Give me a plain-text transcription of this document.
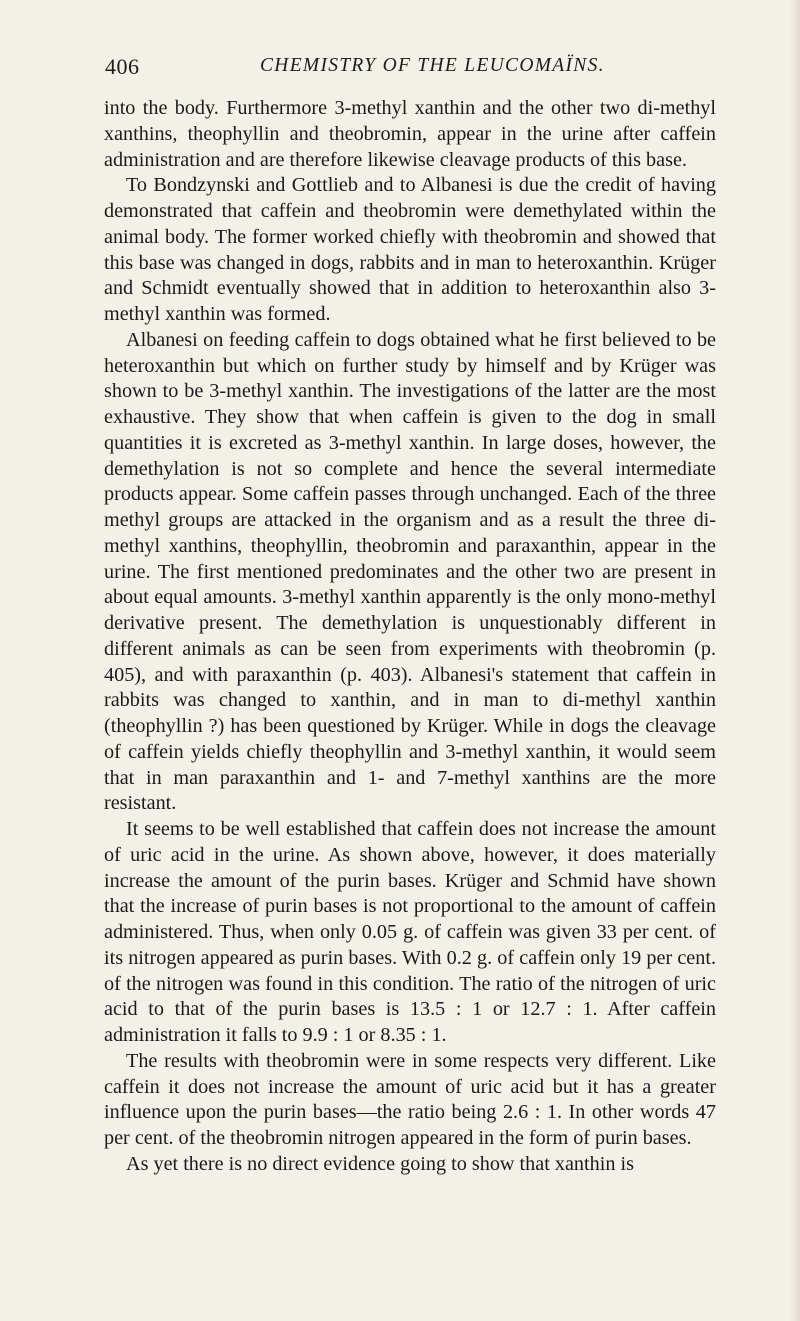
406	CHEMISTRY OF THE LEUCOMAÏNS.

into the body. Furthermore 3-methyl xanthin and the other two di-methyl xanthins, theophyllin and theobromin, appear in the urine after caffein administration and are therefore likewise cleavage products of this base.

To Bondzynski and Gottlieb and to Albanesi is due the credit of having demonstrated that caffein and theobromin were demethylated within the animal body. The former worked chiefly with theobromin and showed that this base was changed in dogs, rabbits and in man to heteroxanthin. Krüger and Schmidt eventually showed that in addition to heteroxanthin also 3-methyl xanthin was formed.

Albanesi on feeding caffein to dogs obtained what he first believed to be heteroxanthin but which on further study by himself and by Krüger was shown to be 3-methyl xanthin. The investigations of the latter are the most exhaustive. They show that when caffein is given to the dog in small quantities it is excreted as 3-methyl xanthin. In large doses, however, the demethylation is not so complete and hence the several intermediate products appear. Some caffein passes through unchanged. Each of the three methyl groups are attacked in the organism and as a result the three di-methyl xanthins, theophyllin, theobromin and paraxanthin, appear in the urine. The first mentioned predominates and the other two are present in about equal amounts. 3-methyl xanthin apparently is the only mono-methyl derivative present. The demethylation is unquestionably different in different animals as can be seen from experiments with theobromin (p. 405), and with paraxanthin (p. 403). Albanesi's statement that caffein in rabbits was changed to xanthin, and in man to di-methyl xanthin (theophyllin ?) has been questioned by Krüger. While in dogs the cleavage of caffein yields chiefly theophyllin and 3-methyl xanthin, it would seem that in man paraxanthin and 1- and 7-methyl xanthins are the more resistant.

It seems to be well established that caffein does not increase the amount of uric acid in the urine. As shown above, however, it does materially increase the amount of the purin bases. Krüger and Schmid have shown that the increase of purin bases is not proportional to the amount of caffein administered. Thus, when only 0.05 g. of caffein was given 33 per cent. of its nitrogen appeared as purin bases. With 0.2 g. of caffein only 19 per cent. of the nitrogen was found in this condition. The ratio of the nitrogen of uric acid to that of the purin bases is 13.5 : 1 or 12.7 : 1. After caffein administration it falls to 9.9 : 1 or 8.35 : 1.

The results with theobromin were in some respects very different. Like caffein it does not increase the amount of uric acid but it has a greater influence upon the purin bases—the ratio being 2.6 : 1. In other words 47 per cent. of the theobromin nitrogen appeared in the form of purin bases.

As yet there is no direct evidence going to show that xanthin is
